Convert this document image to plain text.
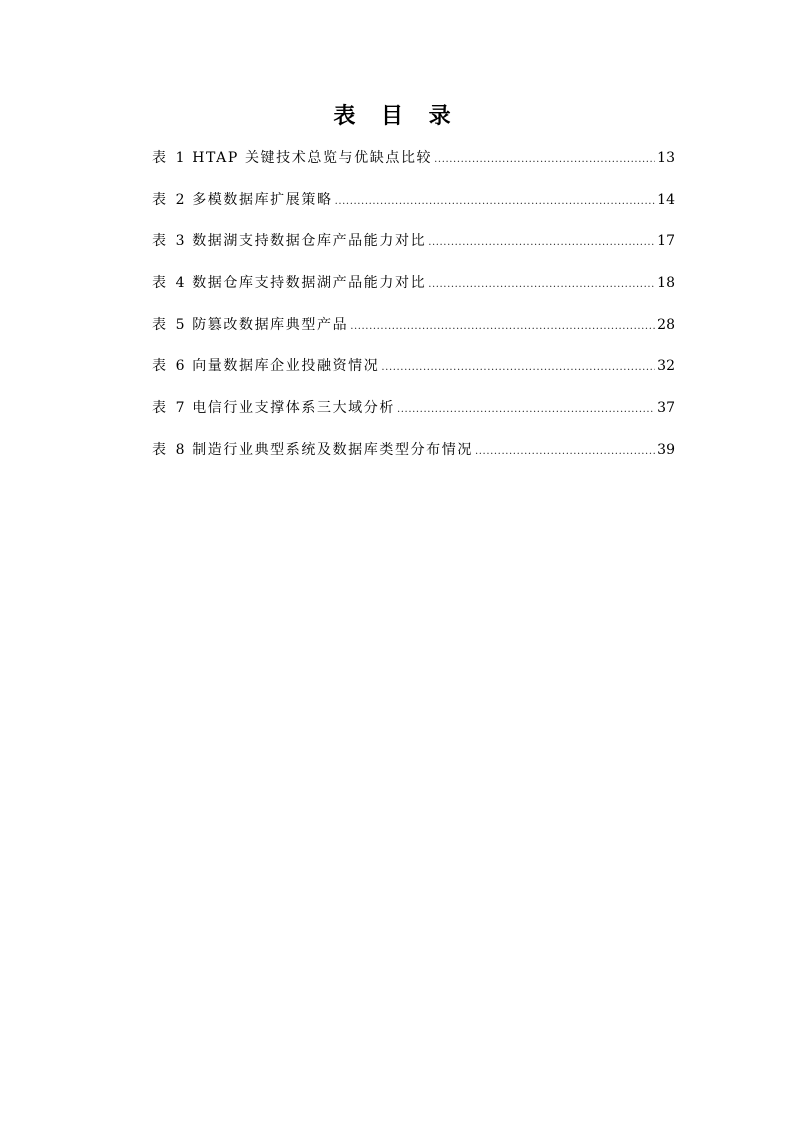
表 目 录
表 1 HTAP 关键技术总览与优缺点比较 .....	13
表 2 多模数据库扩展策略 .....	14
表 3 数据湖支持数据仓库产品能力对比 .....	17
表 4 数据仓库支持数据湖产品能力对比 .....	18
表 5 防篡改数据库典型产品 .....	28
表 6 向量数据库企业投融资情况 .....	32
表 7 电信行业支撑体系三大域分析 .....	37
表 8 制造行业典型系统及数据库类型分布情况 .....	39
